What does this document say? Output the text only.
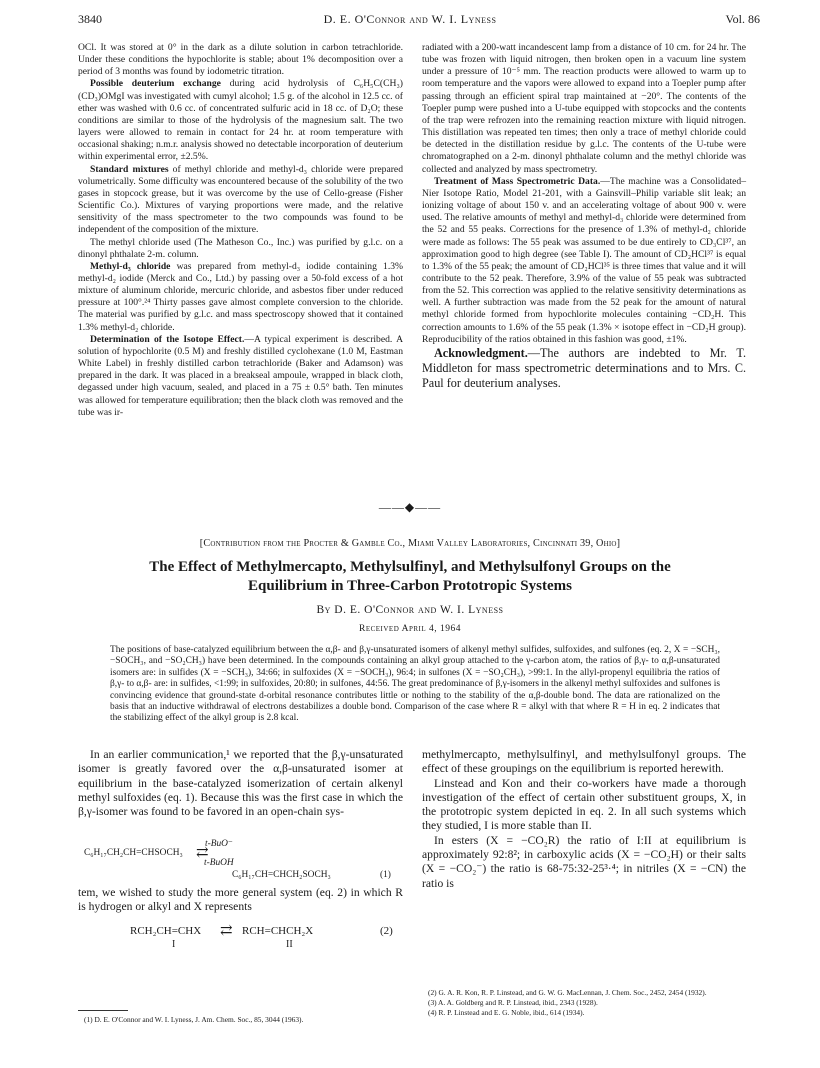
3840	D. E. O'Connor and W. I. Lyness	Vol. 86

OCl. It was stored at 0° in the dark as a dilute solution in carbon tetrachloride. Under these conditions the hypochlorite is stable; about 1% decomposition over a period of 3 months was found by iodometric titration.

Possible deuterium exchange during acid hydrolysis of C₆H₅C(CH₃)(CD₃)OMgI was investigated with cumyl alcohol; 1.5 g. of the alcohol in 12.5 cc. of ether was washed with 0.6 cc. of concentrated sulfuric acid in 18 cc. of D₂O; these conditions are similar to those of the hydrolysis of the magnesium salt. The two layers were allowed to remain in contact for 24 hr. at room temperature with occasional shaking; n.m.r. analysis showed no detectable incorporation of deuterium within experimental error, ±2.5%.

Standard mixtures of methyl chloride and methyl-d₃ chloride were prepared volumetrically. Some difficulty was encountered because of the solubility of the two gases in stopcock grease, but it was overcome by the use of Cello-grease (Fisher Scientific Co.). Mixtures of varying proportions were made, and the relative sensitivity of the mass spectrometer to the two compounds was found to be independent of the composition of the mixture.

The methyl chloride used (The Matheson Co., Inc.) was purified by g.l.c. on a dinonyl phthalate 2-m. column.

Methyl-d₃ chloride was prepared from methyl-d₃ iodide containing 1.3% methyl-d₂ iodide (Merck and Co., Ltd.) by passing over a 50-fold excess of a hot mixture of aluminum chloride, mercuric chloride, and asbestos fiber under reduced pressure at 100°.²⁴ Thirty passes gave almost complete conversion to the chloride. The material was purified by g.l.c. and mass spectroscopy showed that it contained 1.3% methyl-d₂ chloride.

Determination of the Isotope Effect.—A typical experiment is described. A solution of hypochlorite (0.5 M) and freshly distilled cyclohexane (1.0 M, Eastman White Label) in freshly distilled carbon tetrachloride (Baker and Adamson) was prepared in the dark. It was placed in a breakseal ampoule, wrapped in black cloth, degassed under high vacuum, sealed, and placed in a 75 ± 0.5° bath. Ten minutes was allowed for temperature equilibration; then the black cloth was removed and the tube was ir-

radiated with a 200-watt incandescent lamp from a distance of 10 cm. for 24 hr. The tube was frozen with liquid nitrogen, then broken open in a vacuum line system under a pressure of 10⁻⁵ mm. The reaction products were allowed to warm up to room temperature and the vapors were allowed to expand into a Toepler pump after passing through an efficient spiral trap maintained at −20°. The contents of the Toepler pump were pushed into a U-tube equipped with stopcocks and the contents of the trap were refrozen into the remaining reaction mixture with liquid nitrogen. This distillation was repeated ten times; then only a trace of methyl chloride could be detected in the distillation residue by g.l.c. The contents of the U-tube were chromatographed on a 2-m. dinonyl phthalate column and the methyl chloride was collected and analyzed by mass spectrometry.

Treatment of Mass Spectrometric Data.—The machine was a Consolidated–Nier Isotope Ratio, Model 21-201, with a Gainsvill–Philip variable slit leak; an ionizing voltage of about 150 v. and an accelerating voltage of about 900 v. were used. The relative amounts of methyl and methyl-d₃ chloride were determined from the 52 and 55 peaks. Corrections for the presence of 1.3% of methyl-d₂ chloride were made as follows: The 55 peak was assumed to be due entirely to CD₃Cl³⁷, an approximation good to high degree (see Table I). The amount of CD₂HCl³⁷ is equal to 1.3% of the 55 peak; the amount of CD₂HCl³⁵ is three times that value and it will contribute to the 52 peak. Therefore, 3.9% of the value of 55 peak was subtracted from the 52. This correction was applied to the relative sensitivity determinations as well. A further subtraction was made from the 52 peak for the amount of natural methyl chloride formed from hypochlorite molecules containing −CD₂H. This correction amounts to 1.6% of the 55 peak (1.3% × isotope effect in −CD₂H group). Reproducibility of the ratios obtained in this fashion was good, ±1%.

Acknowledgment.—The authors are indebted to Mr. T. Middleton for mass spectrometric determinations and to Mrs. C. Paul for deuterium analyses.

——◆——
[Contribution from the Procter & Gamble Co., Miami Valley Laboratories, Cincinnati 39, Ohio]
The Effect of Methylmercapto, Methylsulfinyl, and Methylsulfonyl Groups on the Equilibrium in Three-Carbon Prototropic Systems
By D. E. O'Connor and W. I. Lyness
Received April 4, 1964
The positions of base-catalyzed equilibrium between the α,β- and β,γ-unsaturated isomers of alkenyl methyl sulfides, sulfoxides, and sulfones (eq. 2, X = −SCH₃, −SOCH₃, and −SO₂CH₃) have been determined. In the compounds containing an alkyl group attached to the γ-carbon atom, the ratios of β,γ- to α,β-unsaturated isomers are: in sulfides (X = −SCH₃), 34:66; in sulfoxides (X = −SOCH₃), 96:4; in sulfones (X = −SO₂CH₃), >99:1. In the allyl-propenyl equilibria the ratios of β,γ- to α,β- are: in sulfides, <1:99; in sulfoxides, 20:80; in sulfones, 44:56. The great predominance of β,γ-isomers in the alkenyl methyl sulfoxides and sulfones is convincing evidence that ground-state d-orbital resonance contributes little or nothing to the stability of the α,β-double bond. The data are rationalized on the basis that an inductive withdrawal of electrons destabilizes a double bond. Comparison of the case where R = alkyl with that where R = H in eq. 2 indicates that the stabilizing effect of the alkyl group is 2.8 kcal.

In an earlier communication,¹ we reported that the β,γ-unsaturated isomer is greatly favored over the α,β-unsaturated isomer at equilibrium in the base-catalyzed isomerization of certain alkenyl methyl sulfoxides (eq. 1). Because this was the first case in which the β,γ-isomer was found to be favored in an open-chain sys-

t-BuO⁻
C₆H₁₇CH₂CH=CHSOCH₃ ⇄
t-BuOH
C₆H₁₇CH=CHCH₂SOCH₃	(1)

tem, we wished to study the more general system (eq. 2) in which R is hydrogen or alkyl and X represents

RCH₂CH=CHX ⇄ RCH=CHCH₂X	(2)
I	II
(1) D. E. O'Connor and W. I. Lyness, J. Am. Chem. Soc., 85, 3044 (1963).

methylmercapto, methylsulfinyl, and methylsulfonyl groups. The effect of these groupings on the equilibrium is reported herewith.

Linstead and Kon and their co-workers have made a thorough investigation of the effect of certain other substituent groups, X, in the prototropic system depicted in eq. 2. In all such systems which they studied, I is more stable than II.

In esters (X = −CO₂R) the ratio of I:II at equilibrium is approximately 92:8²; in carboxylic acids (X = −CO₂H) or their salts (X = −CO₂⁻) the ratio is 68-75:32-25³·⁴; in nitriles (X = −CN) the ratio is

(2) G. A. R. Kon, R. P. Linstead, and G. W. G. MacLennan, J. Chem. Soc., 2452, 2454 (1932).
(3) A. A. Goldberg and R. P. Linstead, ibid., 2343 (1928).
(4) R. P. Linstead and E. G. Noble, ibid., 614 (1934).
